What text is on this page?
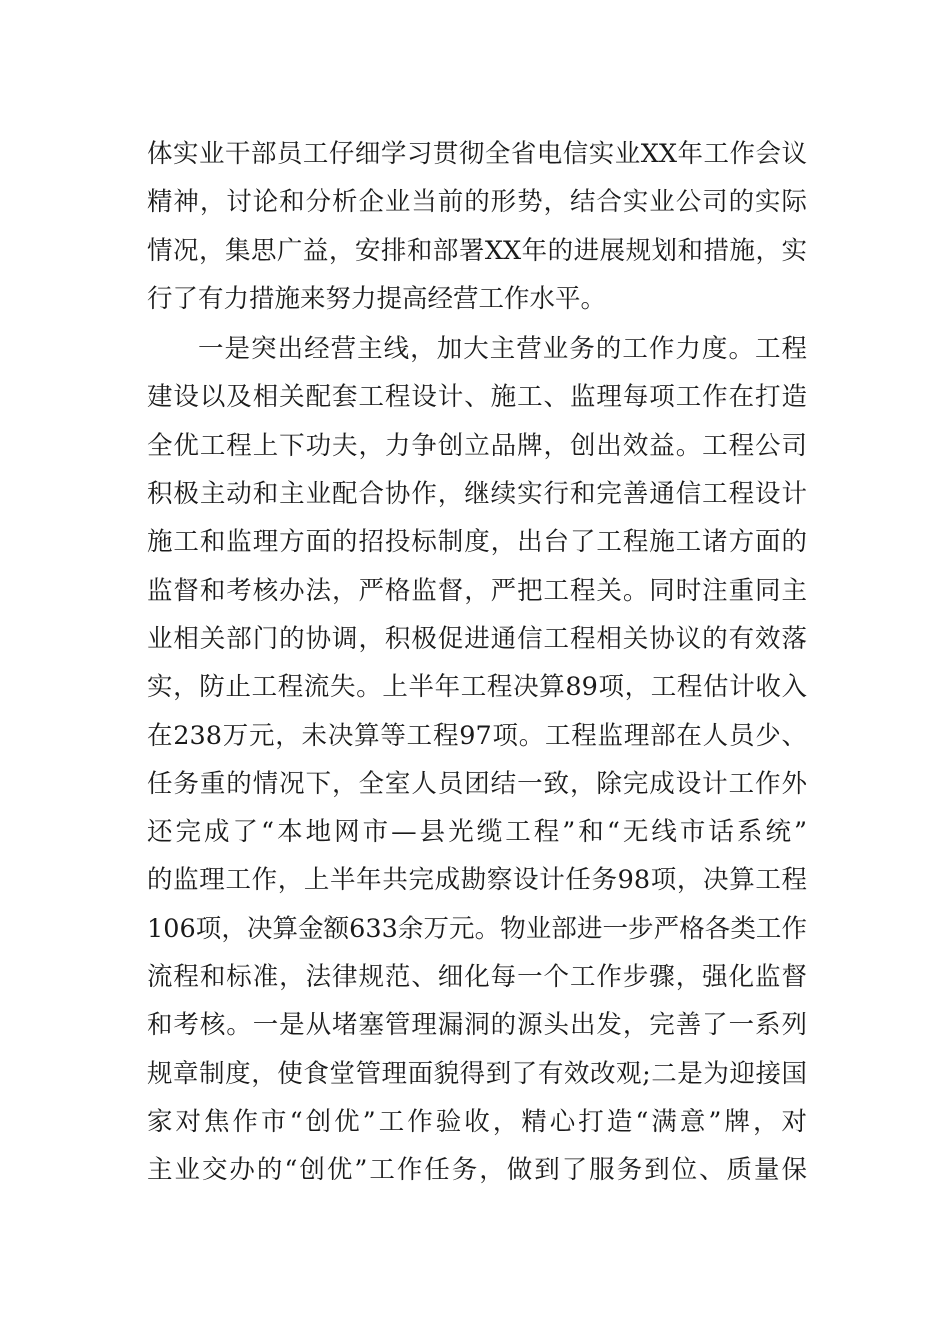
体实业干部员工仔细学习贯彻全省电信实业XX年工作会议
精神，讨论和分析企业当前的形势，结合实业公司的实际
情况，集思广益，安排和部署XX年的进展规划和措施，实
行了有力措施来努力提高经营工作水平。
一是突出经营主线，加大主营业务的工作力度。工程
建设以及相关配套工程设计、施工、监理每项工作在打造
全优工程上下功夫，力争创立品牌，创出效益。工程公司
积极主动和主业配合协作，继续实行和完善通信工程设计
施工和监理方面的招投标制度，出台了工程施工诸方面的
监督和考核办法，严格监督，严把工程关。同时注重同主
业相关部门的协调，积极促进通信工程相关协议的有效落
实，防止工程流失。上半年工程决算89项，工程估计收入
在238万元，未决算等工程97项。工程监理部在人员少、
任务重的情况下，全室人员团结一致，除完成设计工作外
还完成了“本地网市—县光缆工程”和“无线市话系统”
的监理工作，上半年共完成勘察设计任务98项，决算工程
106项，决算金额633余万元。物业部进一步严格各类工作
流程和标准，法律规范、细化每一个工作步骤，强化监督
和考核。一是从堵塞管理漏洞的源头出发，完善了一系列
规章制度，使食堂管理面貌得到了有效改观;二是为迎接国
家对焦作市“创优”工作验收，精心打造“满意”牌，对
主业交办的“创优”工作任务，做到了服务到位、质量保
